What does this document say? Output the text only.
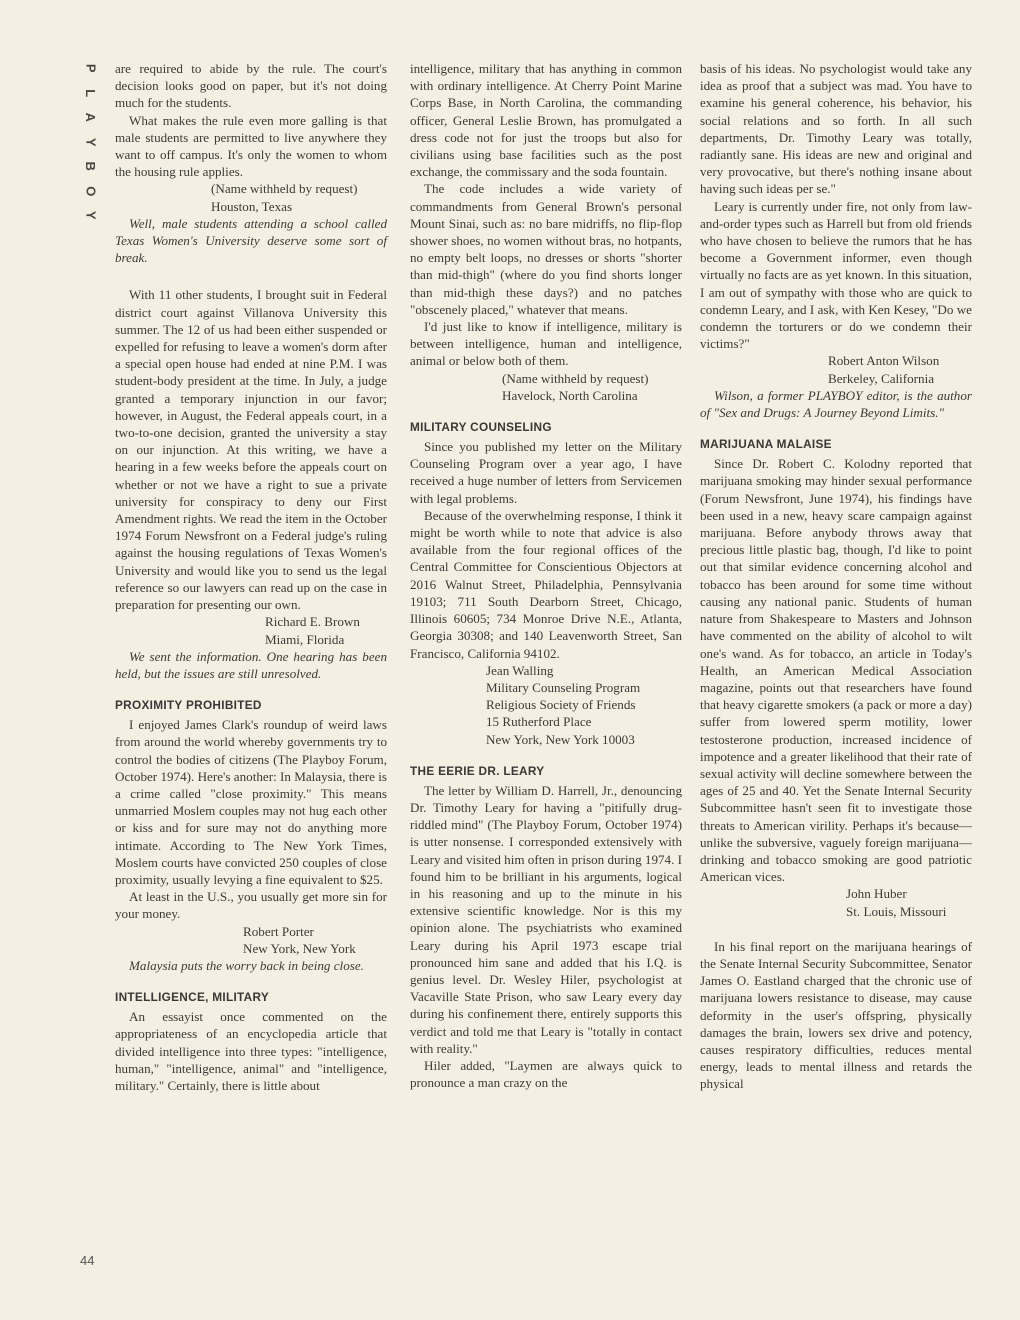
PLAYBOY
44

are required to abide by the rule. The court's decision looks good on paper, but it's not doing much for the students.

What makes the rule even more galling is that male students are permitted to live anywhere they want to off campus. It's only the women to whom the housing rule applies.

(Name withheld by request)
Houston, Texas
Well, male students attending a school called Texas Women's University deserve some sort of break.

With 11 other students, I brought suit in Federal district court against Villanova University this summer. The 12 of us had been either suspended or expelled for refusing to leave a women's dorm after a special open house had ended at nine P.M. I was student-body president at the time. In July, a judge granted a temporary injunction in our favor; however, in August, the Federal appeals court, in a two-to-one decision, granted the university a stay on our injunction. At this writing, we have a hearing in a few weeks before the appeals court on whether or not we have a right to sue a private university for conspiracy to deny our First Amendment rights. We read the item in the October 1974 Forum Newsfront on a Federal judge's ruling against the housing regulations of Texas Women's University and would like you to send us the legal reference so our lawyers can read up on the case in preparation for presenting our own.

Richard E. Brown
Miami, Florida
We sent the information. One hearing has been held, but the issues are still unresolved.
PROXIMITY PROHIBITED

I enjoyed James Clark's roundup of weird laws from around the world whereby governments try to control the bodies of citizens (The Playboy Forum, October 1974). Here's another: In Malaysia, there is a crime called "close proximity." This means unmarried Moslem couples may not hug each other or kiss and for sure may not do anything more intimate. According to The New York Times, Moslem courts have convicted 250 couples of close proximity, usually levying a fine equivalent to $25.

At least in the U.S., you usually get more sin for your money.

Robert Porter
New York, New York
Malaysia puts the worry back in being close.
INTELLIGENCE, MILITARY

An essayist once commented on the appropriateness of an encyclopedia article that divided intelligence into three types: "intelligence, human," "intelligence, animal" and "intelligence, military." Certainly, there is little about

intelligence, military that has anything in common with ordinary intelligence. At Cherry Point Marine Corps Base, in North Carolina, the commanding officer, General Leslie Brown, has promulgated a dress code not for just the troops but also for civilians using base facilities such as the post exchange, the commissary and the soda fountain.

The code includes a wide variety of commandments from General Brown's personal Mount Sinai, such as: no bare midriffs, no flip-flop shower shoes, no women without bras, no hotpants, no empty belt loops, no dresses or shorts "shorter than mid-thigh" (where do you find shorts longer than mid-thigh these days?) and no patches "obscenely placed," whatever that means.

I'd just like to know if intelligence, military is between intelligence, human and intelligence, animal or below both of them.

(Name withheld by request)
Havelock, North Carolina
MILITARY COUNSELING

Since you published my letter on the Military Counseling Program over a year ago, I have received a huge number of letters from Servicemen with legal problems.

Because of the overwhelming response, I think it might be worth while to note that advice is also available from the four regional offices of the Central Committee for Conscientious Objectors at 2016 Walnut Street, Philadelphia, Pennsylvania 19103; 711 South Dearborn Street, Chicago, Illinois 60605; 734 Monroe Drive N.E., Atlanta, Georgia 30308; and 140 Leavenworth Street, San Francisco, California 94102.

Jean Walling
Military Counseling Program
Religious Society of Friends
15 Rutherford Place
New York, New York 10003
THE EERIE DR. LEARY

The letter by William D. Harrell, Jr., denouncing Dr. Timothy Leary for having a "pitifully drug-riddled mind" (The Playboy Forum, October 1974) is utter nonsense. I corresponded extensively with Leary and visited him often in prison during 1974. I found him to be brilliant in his arguments, logical in his reasoning and up to the minute in his extensive scientific knowledge. Nor is this my opinion alone. The psychiatrists who examined Leary during his April 1973 escape trial pronounced him sane and added that his I.Q. is genius level. Dr. Wesley Hiler, psychologist at Vacaville State Prison, who saw Leary every day during his confinement there, entirely supports this verdict and told me that Leary is "totally in contact with reality."

Hiler added, "Laymen are always quick to pronounce a man crazy on the

basis of his ideas. No psychologist would take any idea as proof that a subject was mad. You have to examine his general coherence, his behavior, his social relations and so forth. In all such departments, Dr. Timothy Leary was totally, radiantly sane. His ideas are new and original and very provocative, but there's nothing insane about having such ideas per se."

Leary is currently under fire, not only from law-and-order types such as Harrell but from old friends who have chosen to believe the rumors that he has become a Government informer, even though virtually no facts are as yet known. In this situation, I am out of sympathy with those who are quick to condemn Leary, and I ask, with Ken Kesey, "Do we condemn the torturers or do we condemn their victims?"

Robert Anton Wilson
Berkeley, California
Wilson, a former PLAYBOY editor, is the author of "Sex and Drugs: A Journey Beyond Limits."
MARIJUANA MALAISE

Since Dr. Robert C. Kolodny reported that marijuana smoking may hinder sexual performance (Forum Newsfront, June 1974), his findings have been used in a new, heavy scare campaign against marijuana. Before anybody throws away that precious little plastic bag, though, I'd like to point out that similar evidence concerning alcohol and tobacco has been around for some time without causing any national panic. Students of human nature from Shakespeare to Masters and Johnson have commented on the ability of alcohol to wilt one's wand. As for tobacco, an article in Today's Health, an American Medical Association magazine, points out that researchers have found that heavy cigarette smokers (a pack or more a day) suffer from lowered sperm motility, lower testosterone production, increased incidence of impotence and a greater likelihood that their rate of sexual activity will decline somewhere between the ages of 25 and 40. Yet the Senate Internal Security Subcommittee hasn't seen fit to investigate those threats to American virility. Perhaps it's because—unlike the subversive, vaguely foreign marijuana—drinking and tobacco smoking are good patriotic American vices.

John Huber
St. Louis, Missouri

In his final report on the marijuana hearings of the Senate Internal Security Subcommittee, Senator James O. Eastland charged that the chronic use of marijuana lowers resistance to disease, may cause deformity in the user's offspring, physically damages the brain, lowers sex drive and potency, causes respiratory difficulties, reduces mental energy, leads to mental illness and retards the physical
